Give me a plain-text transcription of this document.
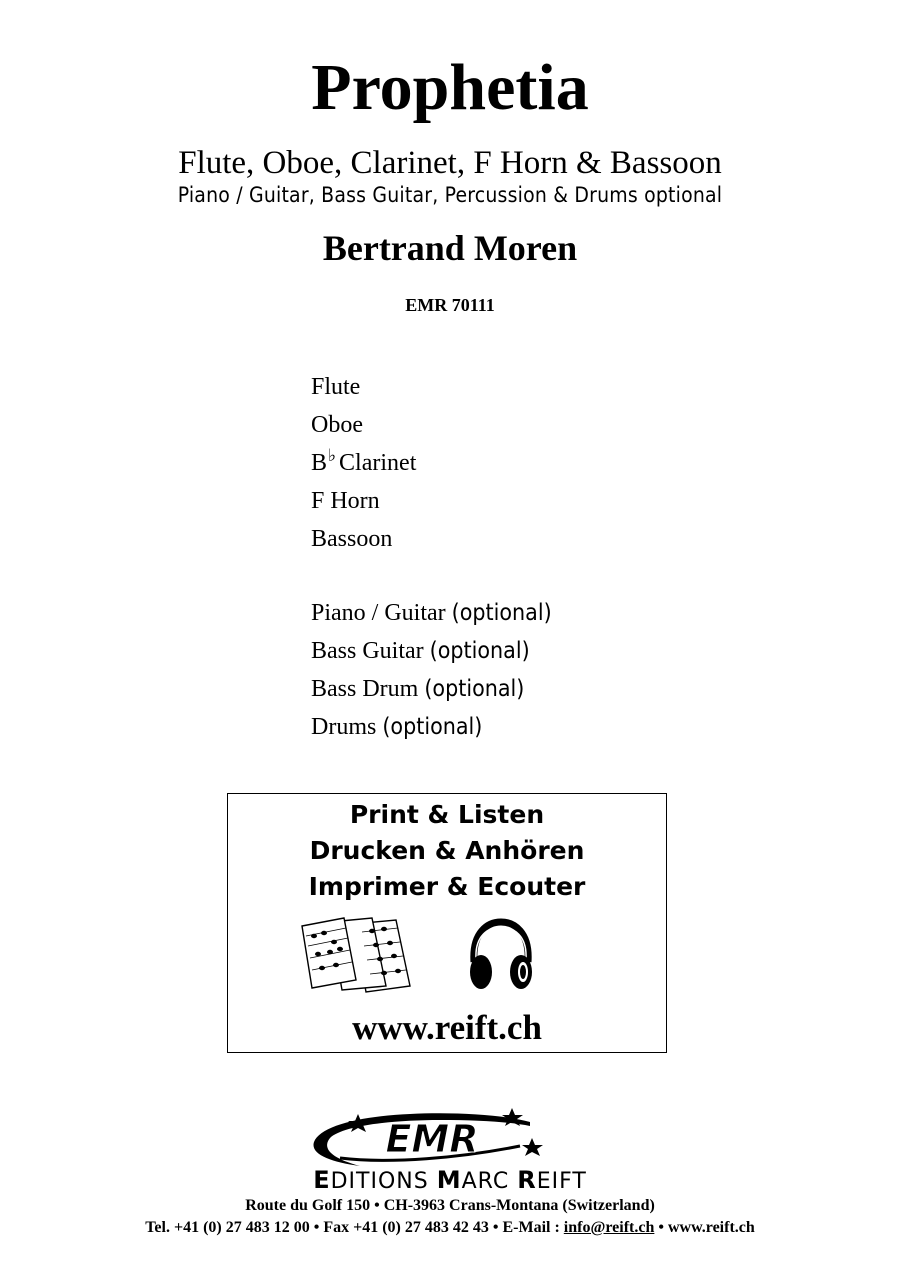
Prophetia
Flute, Oboe, Clarinet, F Horn & Bassoon
Piano / Guitar, Bass Guitar, Percussion & Drums optional
Bertrand Moren
EMR 70111
Flute
Oboe
B♭ Clarinet
F Horn
Bassoon
Piano / Guitar (optional)
Bass Guitar (optional)
Bass Drum (optional)
Drums (optional)
Print & Listen
Drucken & Anhören
Imprimer & Ecouter
www.reift.ch
EMR
EDITIONS MARC REIFT
Route du Golf 150 • CH-3963 Crans-Montana (Switzerland)
Tel. +41 (0) 27 483 12 00 • Fax +41 (0) 27 483 42 43 • E-Mail : info@reift.ch • www.reift.ch
